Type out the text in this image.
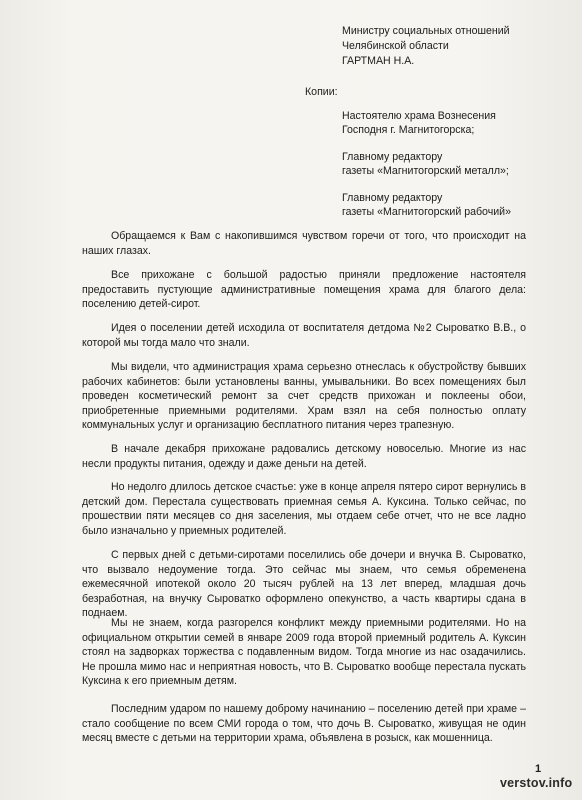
Министру социальных отношений
Челябинской области
ГАРТМАН Н.А.
Копии:
Настоятелю храма Вознесения
Господня г. Магнитогорска;
Главному редактору
газеты «Магнитогорский металл»;
Главному редактору
газеты «Магнитогорский рабочий»

Обращаемся к Вам с накопившимся чувством горечи от того, что происходит на наших глазах.

Все прихожане с большой радостью приняли предложение настоятеля предоставить пустующие административные помещения храма для благого дела: поселению детей-сирот.

Идея о поселении детей исходила от воспитателя детдома №2 Сыроватко В.В., о которой мы тогда мало что знали.

Мы видели, что администрация храма серьезно отнеслась к обустройству бывших рабочих кабинетов: были установлены ванны, умывальники. Во всех помещениях был проведен косметический ремонт за счет средств прихожан и поклеены обои, приобретенные приемными родителями. Храм взял на себя полностью оплату коммунальных услуг и организацию бесплатного питания через трапезную.

В начале декабря прихожане радовались детскому новоселью. Многие из нас несли продукты питания, одежду и даже деньги на детей.

Но недолго длилось детское счастье: уже в конце апреля пятеро сирот вернулись в детский дом. Перестала существовать приемная семья А. Куксина. Только сейчас, по прошествии пяти месяцев со дня заселения, мы отдаем себе отчет, что не все ладно было изначально у приемных родителей.

С первых дней с детьми-сиротами поселились обе дочери и внучка В. Сыроватко, что вызвало недоумение тогда. Это сейчас мы знаем, что семья обременена ежемесячной ипотекой около 20 тысяч рублей на 13 лет вперед, младшая дочь безработная, на внучку Сыроватко оформлено опекунство, а часть квартиры сдана в поднаем.

Мы не знаем, когда разгорелся конфликт между приемными родителями. Но на официальном открытии семей в январе 2009 года второй приемный родитель А. Куксин стоял на задворках торжества с подавленным видом. Тогда многие из нас озадачились. Не прошла мимо нас и неприятная новость, что В. Сыроватко вообще перестала пускать Куксина к его приемным детям.

Последним ударом по нашему доброму начинанию – поселению детей при храме – стало сообщение по всем СМИ города о том, что дочь В. Сыроватко, живущая не один месяц вместе с детьми на территории храма, объявлена в розыск, как мошенница.

1
verstov.info
